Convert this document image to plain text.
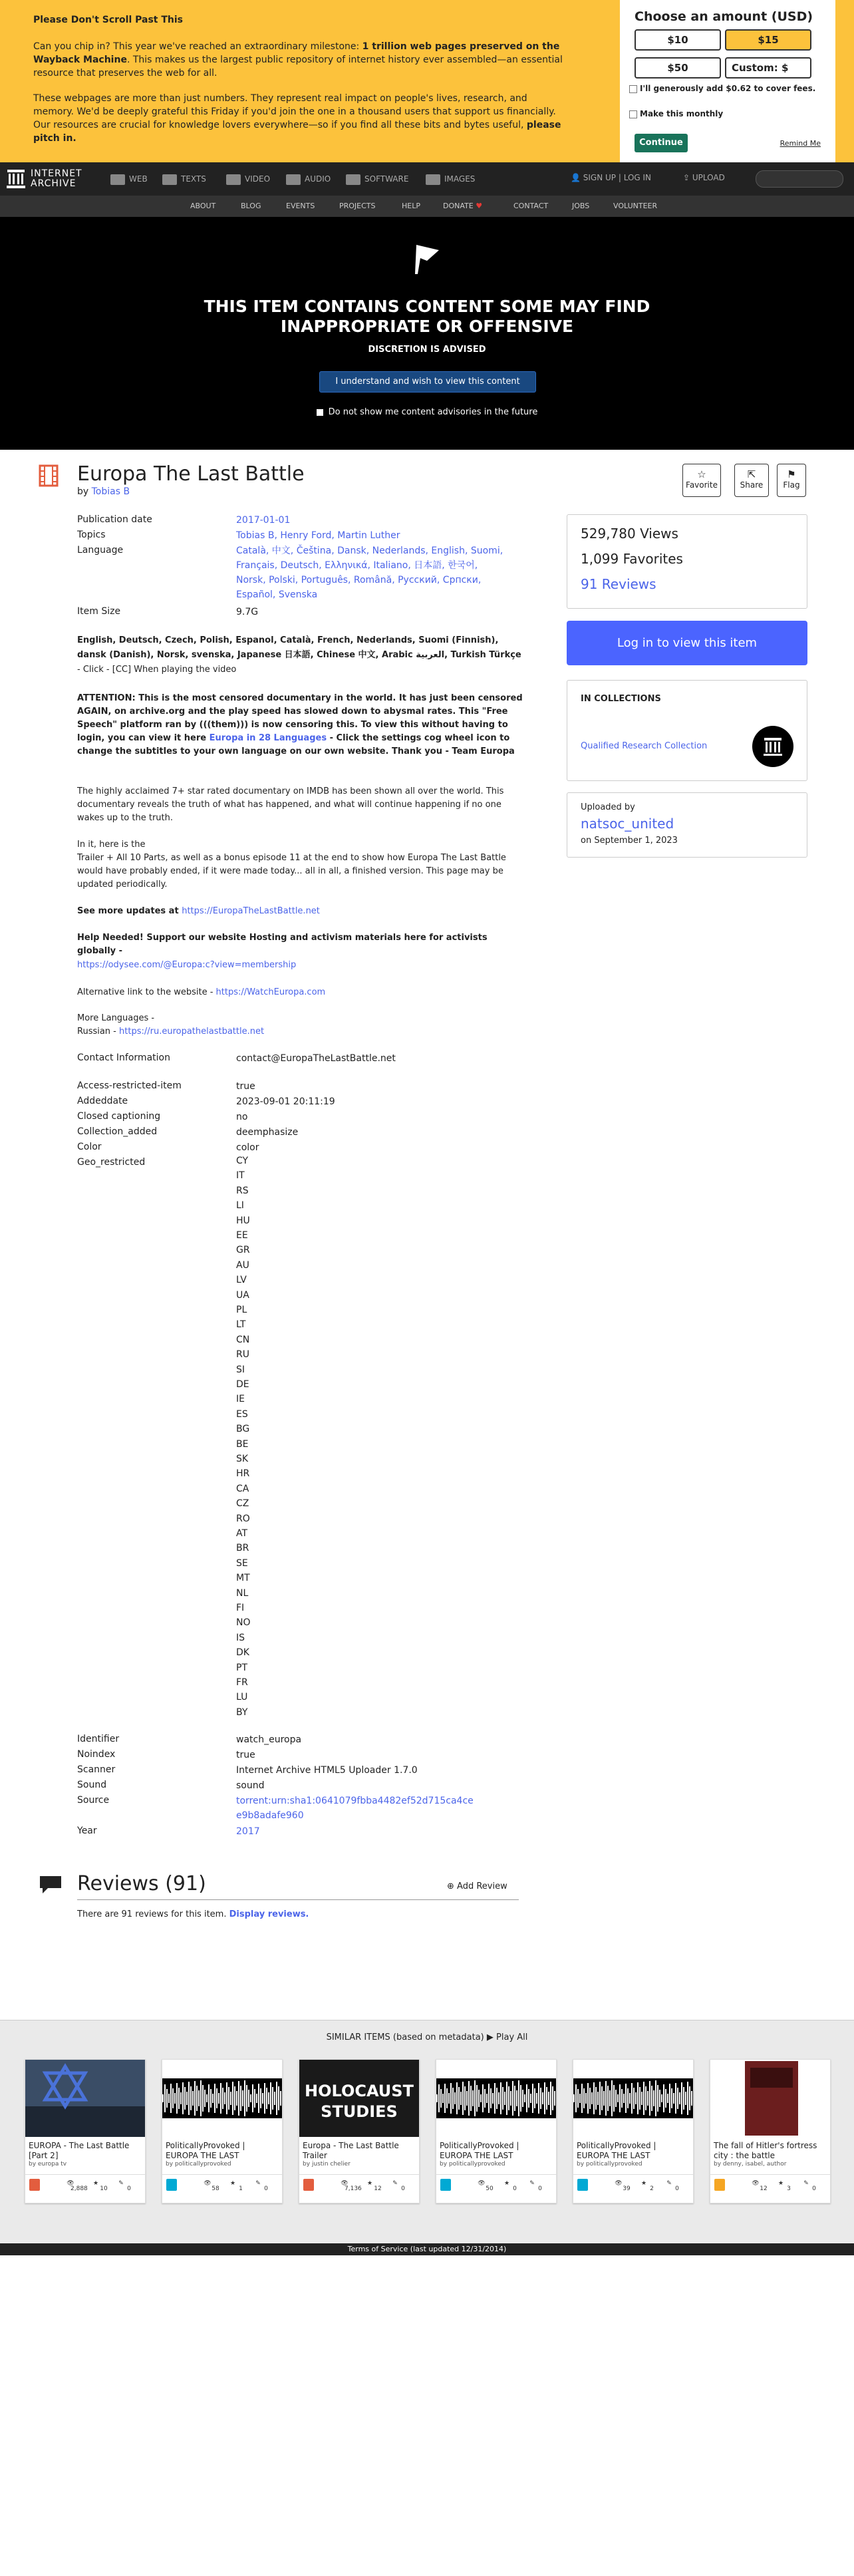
Please Don't Scroll Past This

Can you chip in? This year we've reached an extraordinary milestone: 1 trillion web pages preserved on the Wayback Machine. This makes us the largest public repository of internet history ever assembled—an essential resource that preserves the web for all.

These webpages are more than just numbers. They represent real impact on people's lives, research, and memory. We'd be deeply grateful this Friday if you'd join the one in a thousand users that support us financially. Our resources are crucial for knowledge lovers everywhere—so if you find all these bits and bytes useful, please pitch in.

Choose an amount (USD)
$10	$15
$50	Custom: $
I'll generously add $0.62 to cover fees.
Make this monthly
Continue	Remind Me
INTERNET
ARCHIVE	WEB	TEXTS	VIDEO	AUDIO	SOFTWARE	IMAGES	👤 SIGN UP | LOG IN	⇪ UPLOAD
ABOUT	BLOG	EVENTS	PROJECTS	HELP	DONATE ♥	CONTACT	JOBS	VOLUNTEER
THIS ITEM CONTAINS CONTENT SOME MAY FIND INAPPROPRIATE OR OFFENSIVE
DISCRETION IS ADVISED
I understand and wish to view this content
Do not show me content advisories in the future
Europa The Last Battle
by Tobias B
☆
Favorite
⇱
Share
⚑
Flag
Publication date	2017-01-01
Topics	Tobias B, Henry Ford, Martin Luther
Language	Català, 中文, Čeština, Dansk, Nederlands, English, Suomi, Français, Deutsch, Ελληνικά, Italiano, 日本語, 한국어, Norsk, Polski, Português, Română, Русский, Српски, Español, Svenska
Item Size	9.7G
English, Deutsch, Czech, Polish, Espanol, Català, French, Nederlands, Suomi (Finnish), dansk (Danish), Norsk, svenska, Japanese 日本語, Chinese 中文, Arabic العربية, Turkish Türkçe - Click - [CC] When playing the video
ATTENTION: This is the most censored documentary in the world. It has just been censored AGAIN, on archive.org and the play speed has slowed down to abysmal rates. This "Free Speech" platform ran by (((them))) is now censoring this. To view this without having to login, you can view it here Europa in 28 Languages - Click the settings cog wheel icon to change the subtitles to your own language on our own website. Thank you - Team Europa
The highly acclaimed 7+ star rated documentary on IMDB has been shown all over the world. This documentary reveals the truth of what has happened, and what will continue happening if no one wakes up to the truth.
In it, here is the
Trailer + All 10 Parts, as well as a bonus episode 11 at the end to show how Europa The Last Battle would have probably ended, if it were made today... all in all, a finished version. This page may be updated periodically.
See more updates at https://EuropaTheLastBattle.net
Help Needed! Support our website Hosting and activism materials here for activists globally -
https://odysee.com/@Europa:c?view=membership
Alternative link to the website - https://WatchEuropa.com
More Languages -
Russian - https://ru.europathelastbattle.net
Contact Information	contact@EuropaTheLastBattle.net
Access-restricted-item	true
Addeddate	2023-09-01 20:11:19
Closed captioning	no
Collection_added	deemphasize
Color	color
Geo_restricted	CY
IT
RS
LI
HU
EE
GR
AU
LV
UA
PL
LT
CN
RU
SI
DE
IE
ES
BG
BE
SK
HR
CA
CZ
RO
AT
BR
SE
MT
NL
FI
NO
IS
DK
PT
FR
LU
BY
Identifier	watch_europa
Noindex	true
Scanner	Internet Archive HTML5 Uploader 1.7.0
Sound	sound
Source	torrent:urn:sha1:0641079fbba4482ef52d715ca4ce
e9b8adafe960
Year	2017
529,780 Views
1,099 Favorites
91 Reviews
Log in to view this item
IN COLLECTIONS
Qualified Research Collection
Uploaded by
natsoc_united
on September 1, 2023
Reviews (91)	⊕ Add Review
There are 91 reviews for this item. Display reviews.
SIMILAR ITEMS (based on metadata) ▶ Play All
EUROPA - The Last Battle [Part 2]
by europa tv
👁

2,888
★

10
✎

0
PoliticallyProvoked | EUROPA THE LAST
by politicallyprovoked
👁

58
★

1
✎

0
HOLOCAUST
STUDIES
Europa - The Last Battle Trailer
by justin chelier
👁

7,136
★

12
✎

0
PoliticallyProvoked | EUROPA THE LAST
by politicallyprovoked
👁

50
★

0
✎

0
PoliticallyProvoked | EUROPA THE LAST
by politicallyprovoked
👁

39
★

2
✎

0
The fall of Hitler's fortress city : the battle
by denny, isabel, author
👁

12
★

3
✎

0
Terms of Service (last updated 12/31/2014)
